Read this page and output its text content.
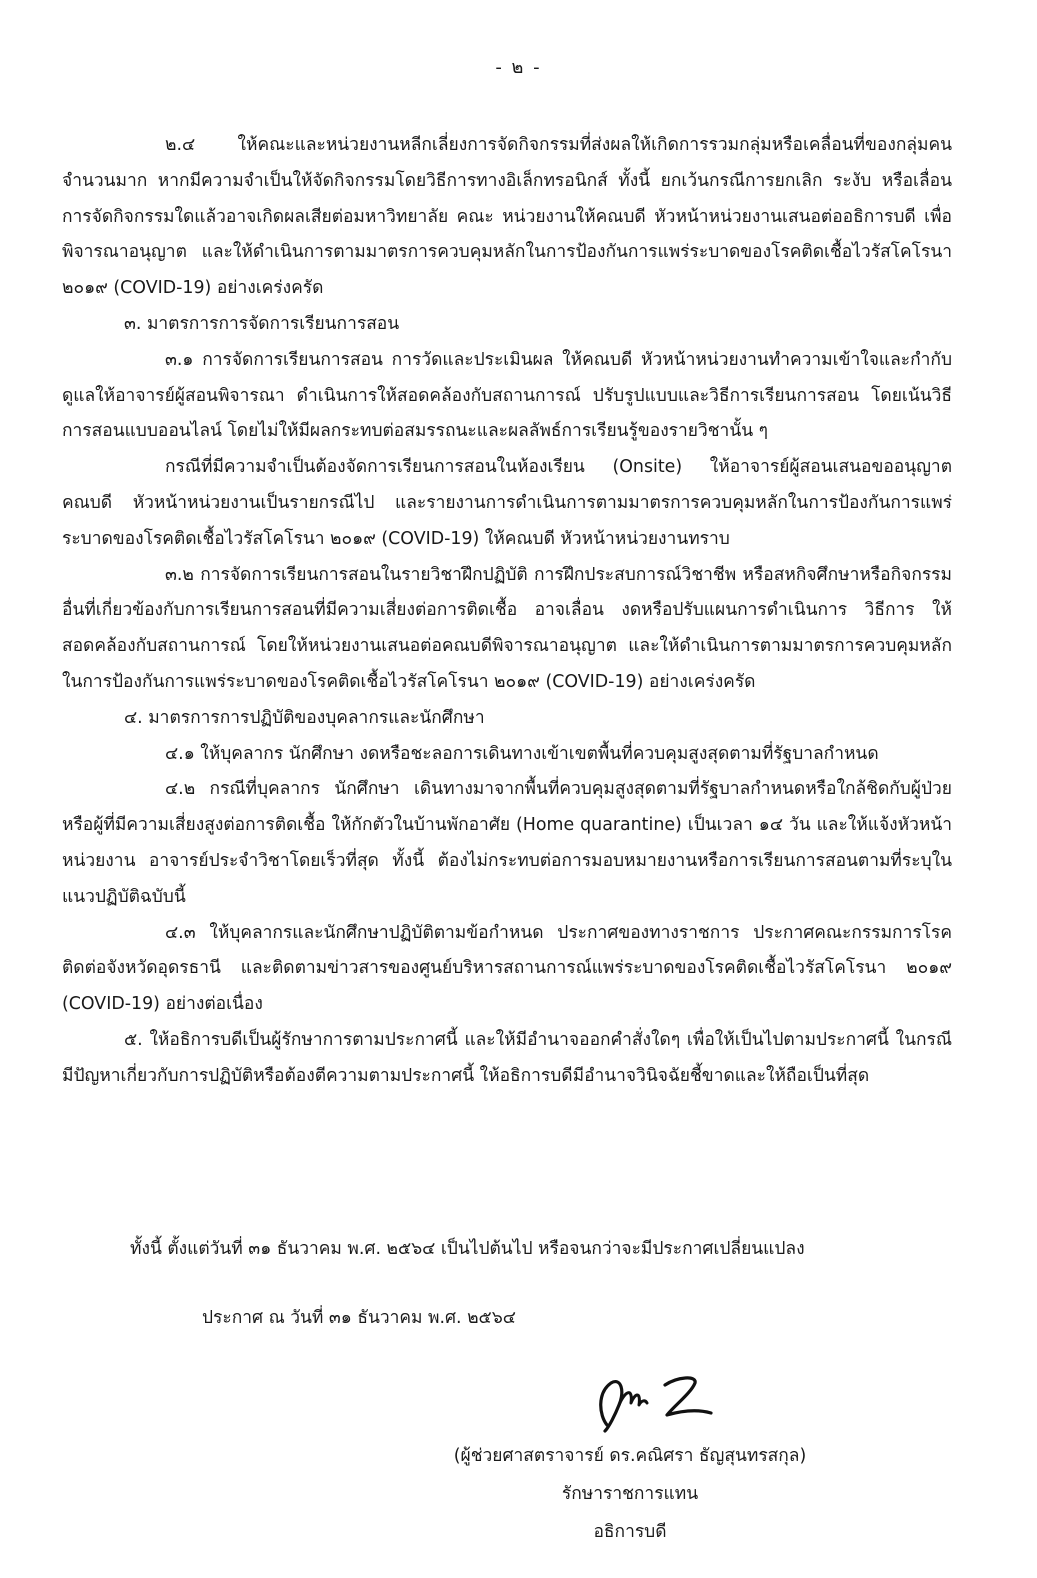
- ๒ -

๒.๔ ให้คณะและหน่วยงานหลีกเลี่ยงการจัดกิจกรรมที่ส่งผลให้เกิดการรวมกลุ่มหรือเคลื่อนที่ของกลุ่มคนจำนวนมาก หากมีความจำเป็นให้จัดกิจกรรมโดยวิธีการทางอิเล็กทรอนิกส์ ทั้งนี้ ยกเว้นกรณีการยกเลิก ระงับ หรือเลื่อนการจัดกิจกรรมใดแล้วอาจเกิดผลเสียต่อมหาวิทยาลัย คณะ หน่วยงานให้คณบดี หัวหน้าหน่วยงานเสนอต่ออธิการบดี เพื่อพิจารณาอนุญาต และให้ดำเนินการตามมาตรการควบคุมหลักในการป้องกันการแพร่ระบาดของโรคติดเชื้อไวรัสโคโรนา ๒๐๑๙ (COVID-19) อย่างเคร่งครัด

๓. มาตรการการจัดการเรียนการสอน

๓.๑ การจัดการเรียนการสอน การวัดและประเมินผล ให้คณบดี หัวหน้าหน่วยงานทำความเข้าใจและกำกับดูแลให้อาจารย์ผู้สอนพิจารณา ดำเนินการให้สอดคล้องกับสถานการณ์ ปรับรูปแบบและวิธีการเรียนการสอน โดยเน้นวิธีการสอนแบบออนไลน์ โดยไม่ให้มีผลกระทบต่อสมรรถนะและผลลัพธ์การเรียนรู้ของรายวิชานั้น ๆ

กรณีที่มีความจำเป็นต้องจัดการเรียนการสอนในห้องเรียน (Onsite) ให้อาจารย์ผู้สอนเสนอขออนุญาตคณบดี หัวหน้าหน่วยงานเป็นรายกรณีไป และรายงานการดำเนินการตามมาตรการควบคุมหลักในการป้องกันการแพร่ระบาดของโรคติดเชื้อไวรัสโคโรนา ๒๐๑๙ (COVID-19) ให้คณบดี หัวหน้าหน่วยงานทราบ

๓.๒ การจัดการเรียนการสอนในรายวิชาฝึกปฏิบัติ การฝึกประสบการณ์วิชาชีพ หรือสหกิจศึกษาหรือกิจกรรมอื่นที่เกี่ยวข้องกับการเรียนการสอนที่มีความเสี่ยงต่อการติดเชื้อ อาจเลื่อน งดหรือปรับแผนการดำเนินการ วิธีการ ให้สอดคล้องกับสถานการณ์ โดยให้หน่วยงานเสนอต่อคณบดีพิจารณาอนุญาต และให้ดำเนินการตามมาตรการควบคุมหลักในการป้องกันการแพร่ระบาดของโรคติดเชื้อไวรัสโคโรนา ๒๐๑๙ (COVID-19) อย่างเคร่งครัด

๔. มาตรการการปฏิบัติของบุคลากรและนักศึกษา

๔.๑ ให้บุคลากร นักศึกษา งดหรือชะลอการเดินทางเข้าเขตพื้นที่ควบคุมสูงสุดตามที่รัฐบาลกำหนด

๔.๒ กรณีที่บุคลากร นักศึกษา เดินทางมาจากพื้นที่ควบคุมสูงสุดตามที่รัฐบาลกำหนดหรือใกล้ชิดกับผู้ป่วยหรือผู้ที่มีความเสี่ยงสูงต่อการติดเชื้อ ให้กักตัวในบ้านพักอาศัย (Home quarantine) เป็นเวลา ๑๔ วัน และให้แจ้งหัวหน้าหน่วยงาน อาจารย์ประจำวิชาโดยเร็วที่สุด ทั้งนี้ ต้องไม่กระทบต่อการมอบหมายงานหรือการเรียนการสอนตามที่ระบุในแนวปฏิบัติฉบับนี้

๔.๓ ให้บุคลากรและนักศึกษาปฏิบัติตามข้อกำหนด ประกาศของทางราชการ ประกาศคณะกรรมการโรคติดต่อจังหวัดอุดรธานี และติดตามข่าวสารของศูนย์บริหารสถานการณ์แพร่ระบาดของโรคติดเชื้อไวรัสโคโรนา ๒๐๑๙ (COVID-19) อย่างต่อเนื่อง

๕. ให้อธิการบดีเป็นผู้รักษาการตามประกาศนี้ และให้มีอำนาจออกคำสั่งใดๆ เพื่อให้เป็นไปตามประกาศนี้ ในกรณีมีปัญหาเกี่ยวกับการปฏิบัติหรือต้องตีความตามประกาศนี้ ให้อธิการบดีมีอำนาจวินิจฉัยชี้ขาดและให้ถือเป็นที่สุด

ทั้งนี้ ตั้งแต่วันที่ ๓๑ ธันวาคม พ.ศ. ๒๕๖๔ เป็นไปต้นไป หรือจนกว่าจะมีประกาศเปลี่ยนแปลง
ประกาศ ณ วันที่ ๓๑ ธันวาคม พ.ศ. ๒๕๖๔
(ผู้ช่วยศาสตราจารย์ ดร.คณิศรา ธัญสุนทรสกุล)
รักษาราชการแทน
อธิการบดี
